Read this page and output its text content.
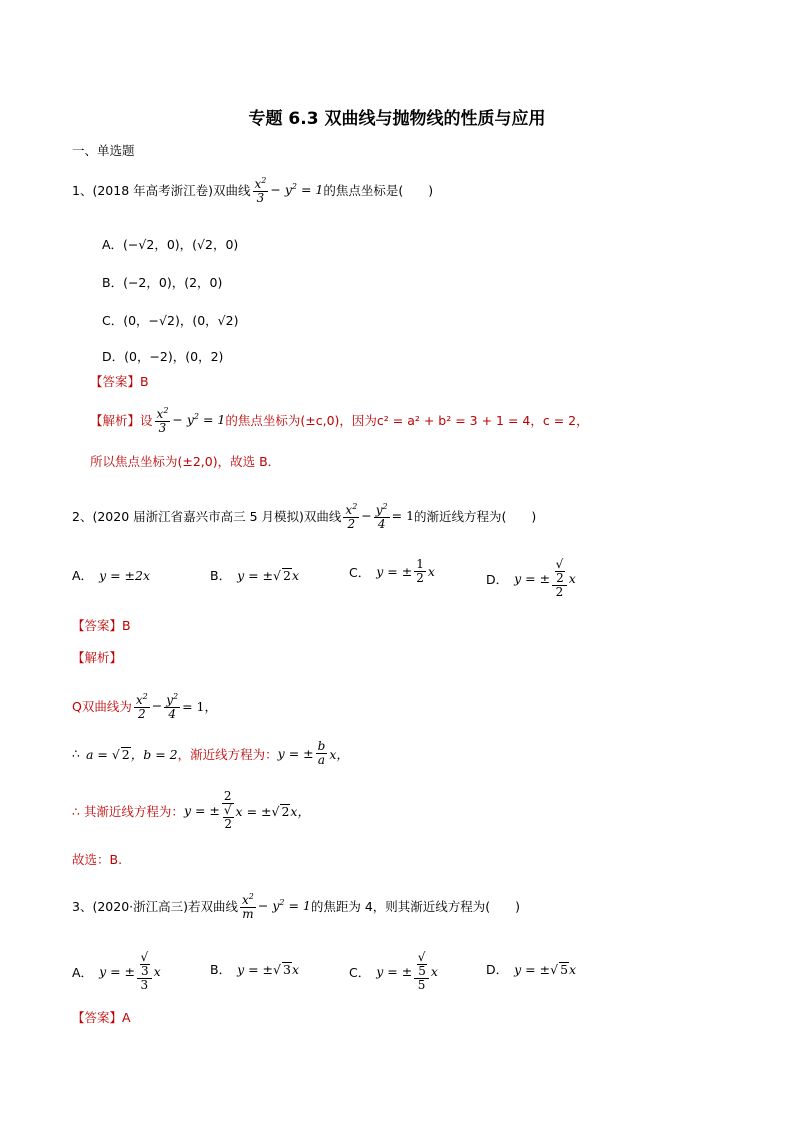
专题 6.3 双曲线与抛物线的性质与应用
一、单选题
1、(2018 年高考浙江卷)双曲线 $\frac{x^2}{3} - y^2 = 1$ 的焦点坐标是(　　)
A．(−√2，0)，(√2，0)
B．(−2，0)，(2，0)
C．(0，−√2)，(0，√2)
D．(0，−2)，(0，2)
【答案】B
【解析】 设 $\frac{x^2}{3} - y^2 = 1$ 的焦点坐标为(±c,0)，因为c² = a² + b² = 3 + 1 = 4，c = 2，
所以焦点坐标为(±2,0)，故选 B．
2、(2020 届浙江省嘉兴市高三 5 月模拟)双曲线 $\frac{x^2}{2} - \frac{y^2}{4} = 1$ 的渐近线方程为(　　)
A． y = ±2x	B． y = ±√ 2x	C． y = ± $\frac{1}{2}$ x	D． y = ± √
2
2 x
【答案】B
【解析】
Q双曲线为 $\frac{x^2}{2} - \frac{y^2}{4} = 1$，
∴ a = √ 2，b = 2 ，渐近线方程为： y = ± $\frac{b}{a}$ x，
∴ 其渐近线方程为： y = ± 2
√
2 x = ±√ 2x，
故选：B.
3、(2020·浙江高三)若双曲线 $\frac{x^2}{m} - y^2 = 1$ 的焦距为 4，则其渐近线方程为(　　)
A． y = ± √
3
3 x	B． y = ±√ 3x	C． y = ± √
5
5 x	D． y = ±√ 5x
【答案】A
